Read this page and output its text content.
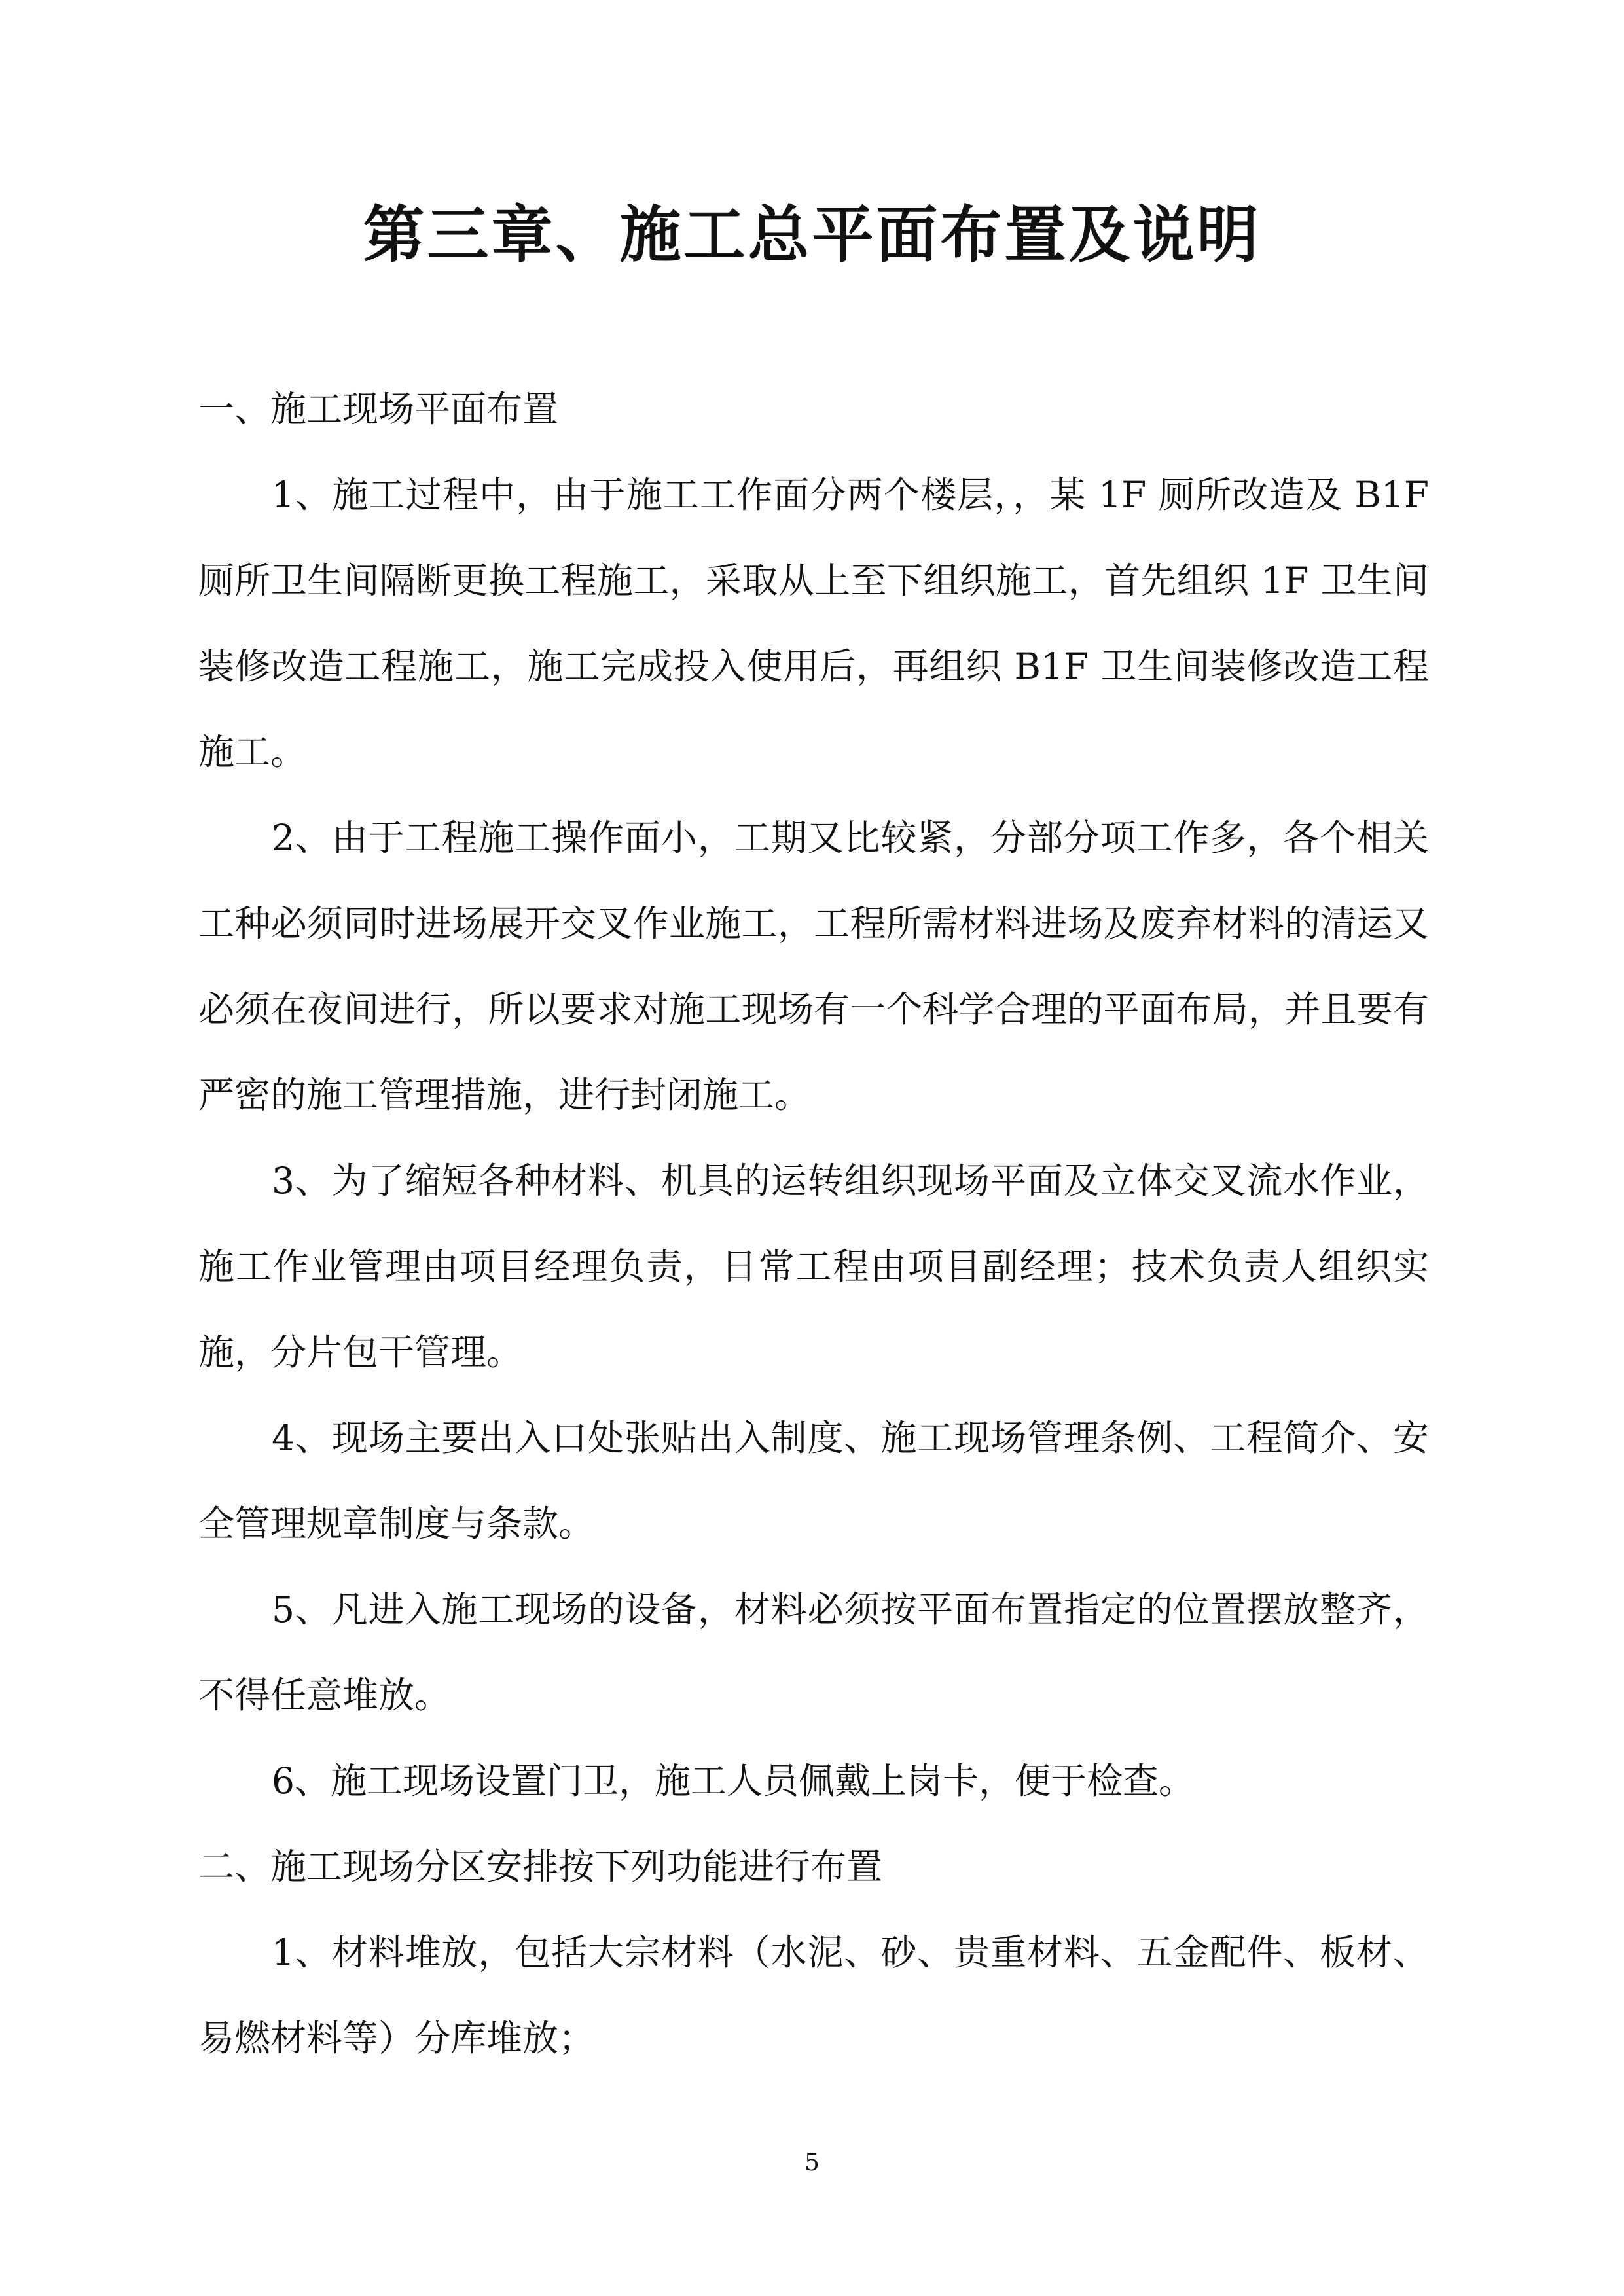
第三章、施工总平面布置及说明

一、施工现场平面布置

1、施工过程中，由于施工工作面分两个楼层，，某 1F 厕所改造及 B1F 厕所卫生间隔断更换工程施工，采取从上至下组织施工，首先组织 1F 卫生间装修改造工程施工，施工完成投入使用后，再组织 B1F 卫生间装修改造工程施工。

2、由于工程施工操作面小，工期又比较紧，分部分项工作多，各个相关工种必须同时进场展开交叉作业施工，工程所需材料进场及废弃材料的清运又必须在夜间进行，所以要求对施工现场有一个科学合理的平面布局，并且要有严密的施工管理措施，进行封闭施工。

3、为了缩短各种材料、机具的运转组织现场平面及立体交叉流水作业，施工作业管理由项目经理负责，日常工程由项目副经理；技术负责人组织实施，分片包干管理。

4、现场主要出入口处张贴出入制度、施工现场管理条例、工程简介、安全管理规章制度与条款。

5、凡进入施工现场的设备，材料必须按平面布置指定的位置摆放整齐，不得任意堆放。

6、施工现场设置门卫，施工人员佩戴上岗卡，便于检查。

二、施工现场分区安排按下列功能进行布置

1、材料堆放，包括大宗材料（水泥、砂、贵重材料、五金配件、板材、易燃材料等）分库堆放；

5
